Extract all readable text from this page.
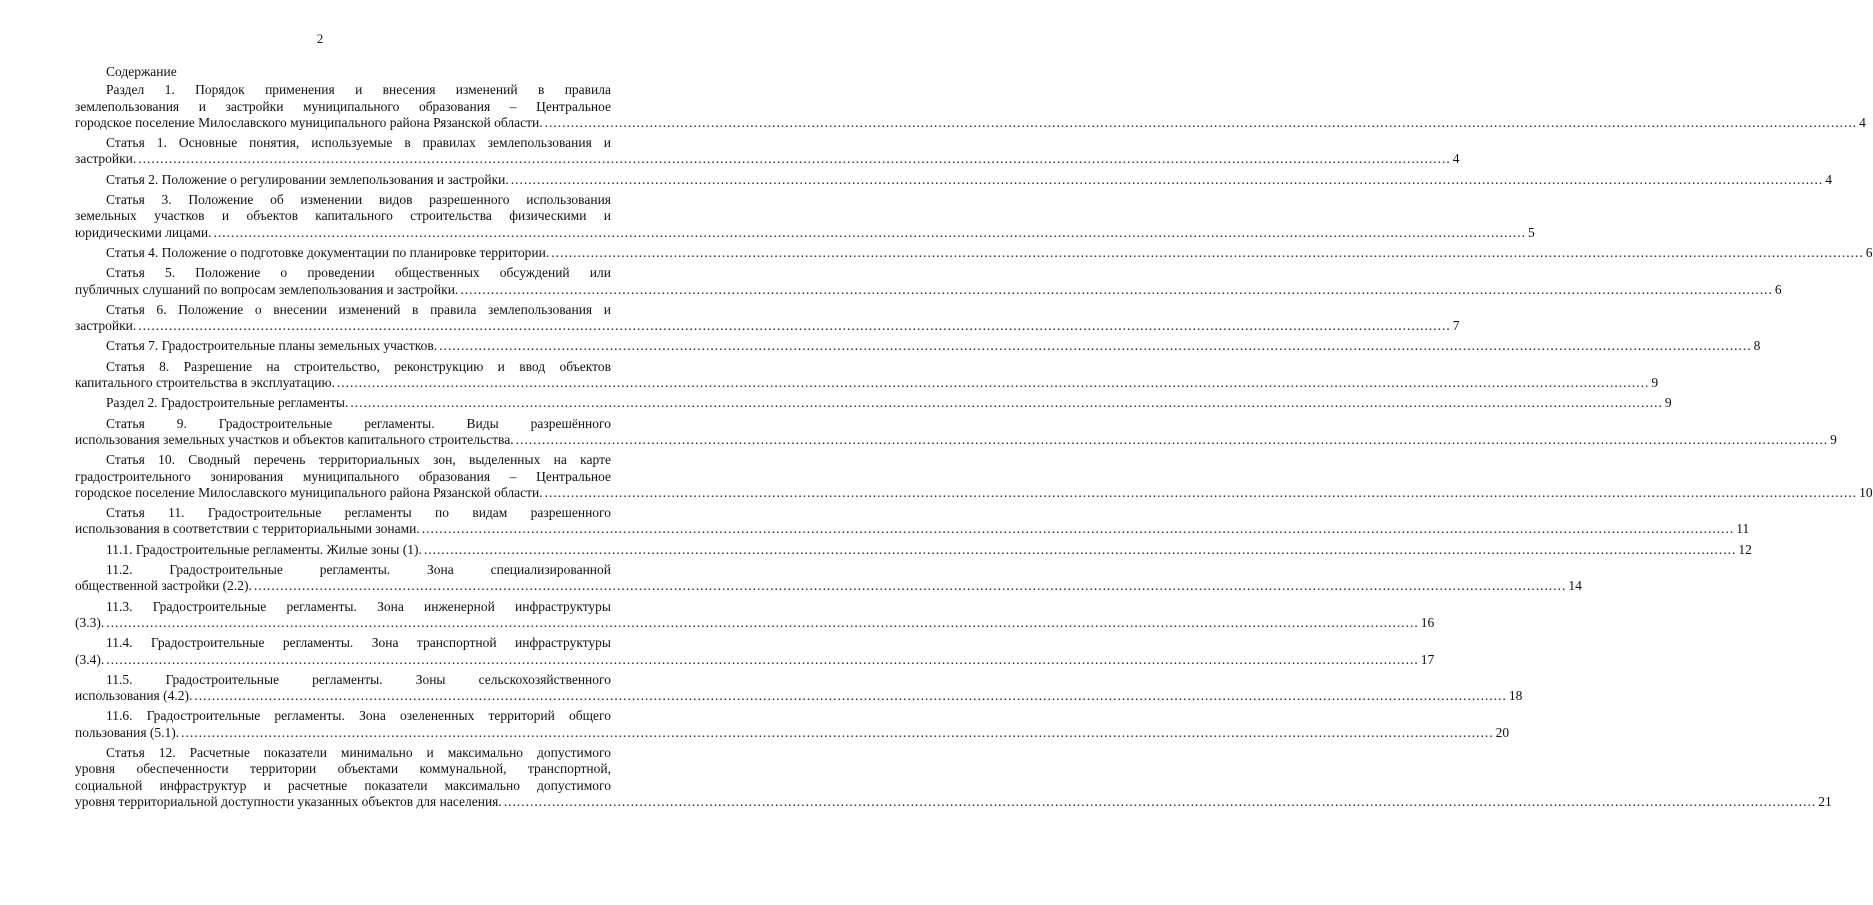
2
Содержание
Раздел 1. Порядок применения и внесения изменений в правила
землепользования и застройки муниципального образования – Центральное
городское поселение Милославского муниципального района Рязанской области. ............................................................................................................................................................................................................................................................................................................ 4
Статья 1. Основные понятия, используемые в правилах землепользования и
застройки. ............................................................................................................................................................................................................................................................................................................ 4
Статья 2. Положение о регулировании землепользования и застройки. ............................................................................................................................................................................................................................................................................................................ 4
Статья 3. Положение об изменении видов разрешенного использования
земельных участков и объектов капитального строительства физическими и
юридическими лицами. ............................................................................................................................................................................................................................................................................................................ 5
Статья 4. Положение о подготовке документации по планировке территории. ............................................................................................................................................................................................................................................................................................................ 6
Статья 5. Положение о проведении общественных обсуждений или
публичных слушаний по вопросам землепользования и застройки. ............................................................................................................................................................................................................................................................................................................ 6
Статья 6. Положение о внесении изменений в правила землепользования и
застройки. ............................................................................................................................................................................................................................................................................................................ 7
Статья 7. Градостроительные планы земельных участков. ............................................................................................................................................................................................................................................................................................................ 8
Статья 8. Разрешение на строительство, реконструкцию и ввод объектов
капитального строительства в эксплуатацию. ............................................................................................................................................................................................................................................................................................................ 9
Раздел 2. Градостроительные регламенты. ............................................................................................................................................................................................................................................................................................................ 9
Статья 9. Градостроительные регламенты. Виды разрешённого
использования земельных участков и объектов капитального строительства. ............................................................................................................................................................................................................................................................................................................ 9
Статья 10. Сводный перечень территориальных зон, выделенных на карте
градостроительного зонирования муниципального образования – Центральное
городское поселение Милославского муниципального района Рязанской области. ............................................................................................................................................................................................................................................................................................................ 10
Статья 11. Градостроительные регламенты по видам разрешенного
использования в соответствии с территориальными зонами. ............................................................................................................................................................................................................................................................................................................ 11
11.1. Градостроительные регламенты. Жилые зоны (1). ............................................................................................................................................................................................................................................................................................................ 12
11.2. Градостроительные регламенты. Зона специализированной
общественной застройки (2.2). ............................................................................................................................................................................................................................................................................................................ 14
11.3. Градостроительные регламенты. Зона инженерной инфраструктуры
(3.3). ............................................................................................................................................................................................................................................................................................................ 16
11.4. Градостроительные регламенты. Зона транспортной инфраструктуры
(3.4). ............................................................................................................................................................................................................................................................................................................ 17
11.5. Градостроительные регламенты. Зоны сельскохозяйственного
использования (4.2). ............................................................................................................................................................................................................................................................................................................ 18
11.6. Градостроительные регламенты. Зона озелененных территорий общего
пользования (5.1). ............................................................................................................................................................................................................................................................................................................ 20
Статья 12. Расчетные показатели минимально и максимально допустимого
уровня обеспеченности территории объектами коммунальной, транспортной,
социальной инфраструктур и расчетные показатели максимально допустимого
уровня территориальной доступности указанных объектов для населения. ............................................................................................................................................................................................................................................................................................................ 21
